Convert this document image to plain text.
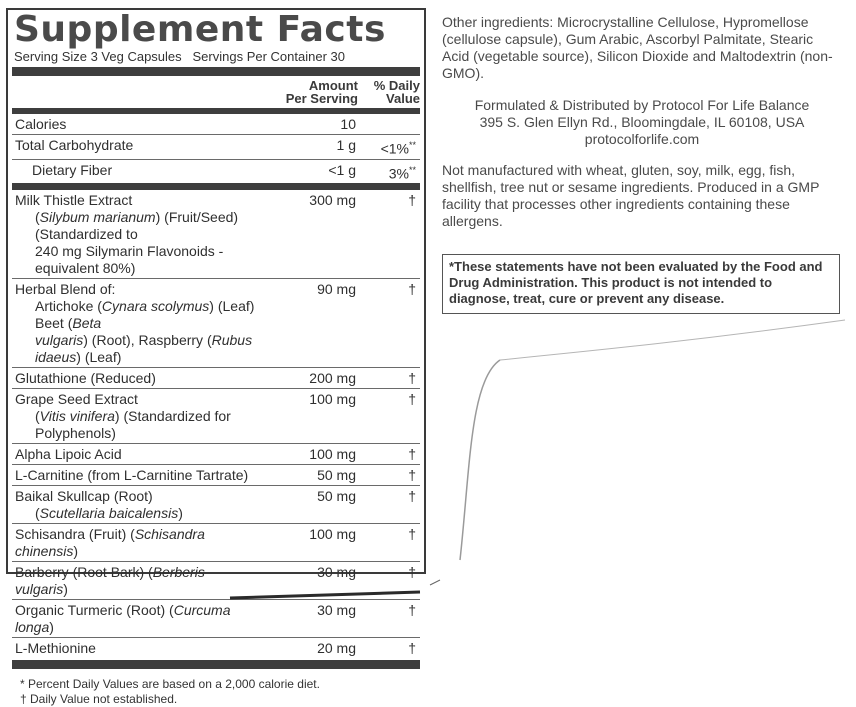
Supplement Facts
Serving Size 3 Veg Capsules Servings Per Container 30
Amount
Per Serving
% Daily
Value
Calories	10
Total Carbohydrate	1 g	<1%**
Dietary Fiber	<1 g	3%**
Milk Thistle Extract
(Silybum marianum) (Fruit/Seed) (Standardized to
240 mg Silymarin Flavonoids - equivalent 80%)
300 mg	†
Herbal Blend of:
Artichoke (Cynara scolymus) (Leaf) Beet (Beta
vulgaris) (Root), Raspberry (Rubus idaeus) (Leaf)
90 mg	†
Glutathione (Reduced)	200 mg	†
Grape Seed Extract
(Vitis vinifera) (Standardized for Polyphenols)
100 mg	†
Alpha Lipoic Acid	100 mg	†
L-Carnitine (from L-Carnitine Tartrate)	50 mg	†
Baikal Skullcap (Root)
(Scutellaria baicalensis)
50 mg	†
Schisandra (Fruit) (Schisandra chinensis)
100 mg	†
Barberry (Root Bark) (Berberis vulgaris)
30 mg	†
Organic Turmeric (Root) (Curcuma longa)
30 mg	†
L-Methionine	20 mg	†
* Percent Daily Values are based on a 2,000 calorie diet.
† Daily Value not established.

Other ingredients: Microcrystalline Cellulose, Hypromellose (cellulose capsule), Gum Arabic, Ascorbyl Palmitate, Stearic Acid (vegetable source), Silicon Dioxide and Maltodextrin (non-GMO).

Formulated & Distributed by Protocol For Life Balance
395 S. Glen Ellyn Rd., Bloomingdale, IL 60108, USA
protocolforlife.com

Not manufactured with wheat, gluten, soy, milk, egg, fish, shellfish, tree nut or sesame ingredients. Produced in a GMP facility that processes other ingredients containing these allergens.

*These statements have not been evaluated by the Food and Drug Administration. This product is not intended to diagnose, treat, cure or prevent any disease.
